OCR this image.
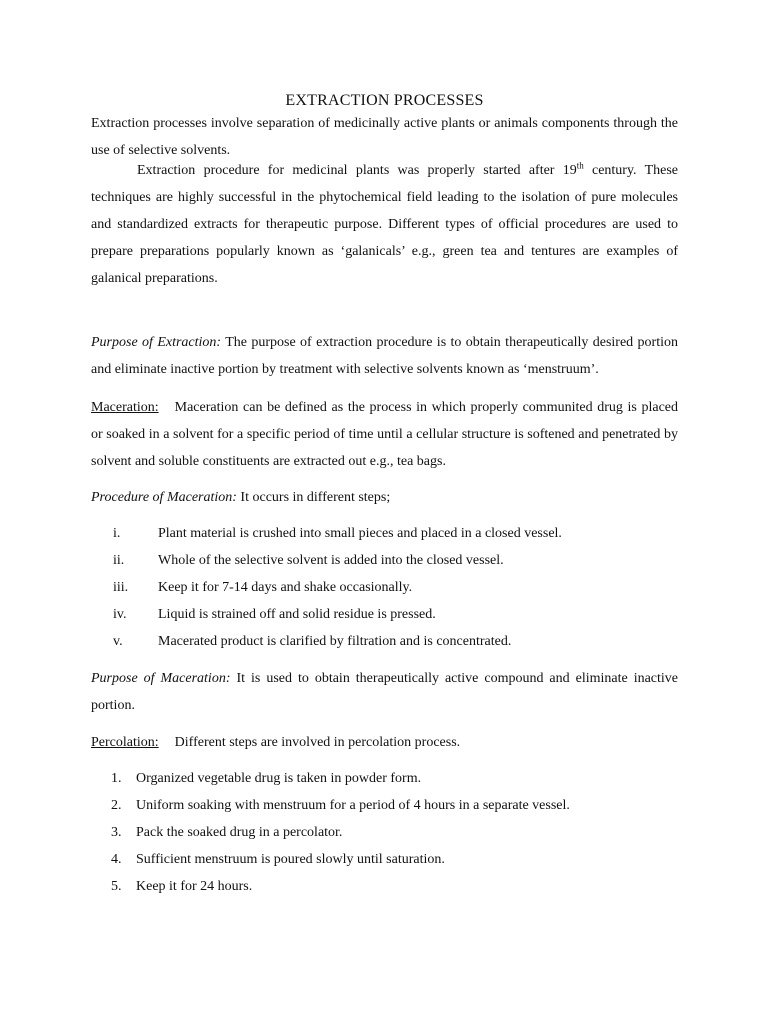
EXTRACTION PROCESSES

Extraction processes involve separation of medicinally active plants or animals components through the use of selective solvents.

Extraction procedure for medicinal plants was properly started after 19th century. These techniques are highly successful in the phytochemical field leading to the isolation of pure molecules and standardized extracts for therapeutic purpose. Different types of official procedures are used to prepare preparations popularly known as ‘galanicals’ e.g., green tea and tentures are examples of galanical preparations.

Purpose of Extraction: The purpose of extraction procedure is to obtain therapeutically desired portion and eliminate inactive portion by treatment with selective solvents known as ‘menstruum’.

Maceration: Maceration can be defined as the process in which properly communited drug is placed or soaked in a solvent for a specific period of time until a cellular structure is softened and penetrated by solvent and soluble constituents are extracted out e.g., tea bags.

Procedure of Maceration: It occurs in different steps;

i.	Plant material is crushed into small pieces and placed in a closed vessel.
ii.	Whole of the selective solvent is added into the closed vessel.
iii.	Keep it for 7-14 days and shake occasionally.
iv.	Liquid is strained off and solid residue is pressed.
v.	Macerated product is clarified by filtration and is concentrated.

Purpose of Maceration: It is used to obtain therapeutically active compound and eliminate inactive portion.

Percolation: Different steps are involved in percolation process.

1.	Organized vegetable drug is taken in powder form.
2.	Uniform soaking with menstruum for a period of 4 hours in a separate vessel.
3.	Pack the soaked drug in a percolator.
4.	Sufficient menstruum is poured slowly until saturation.
5.	Keep it for 24 hours.
